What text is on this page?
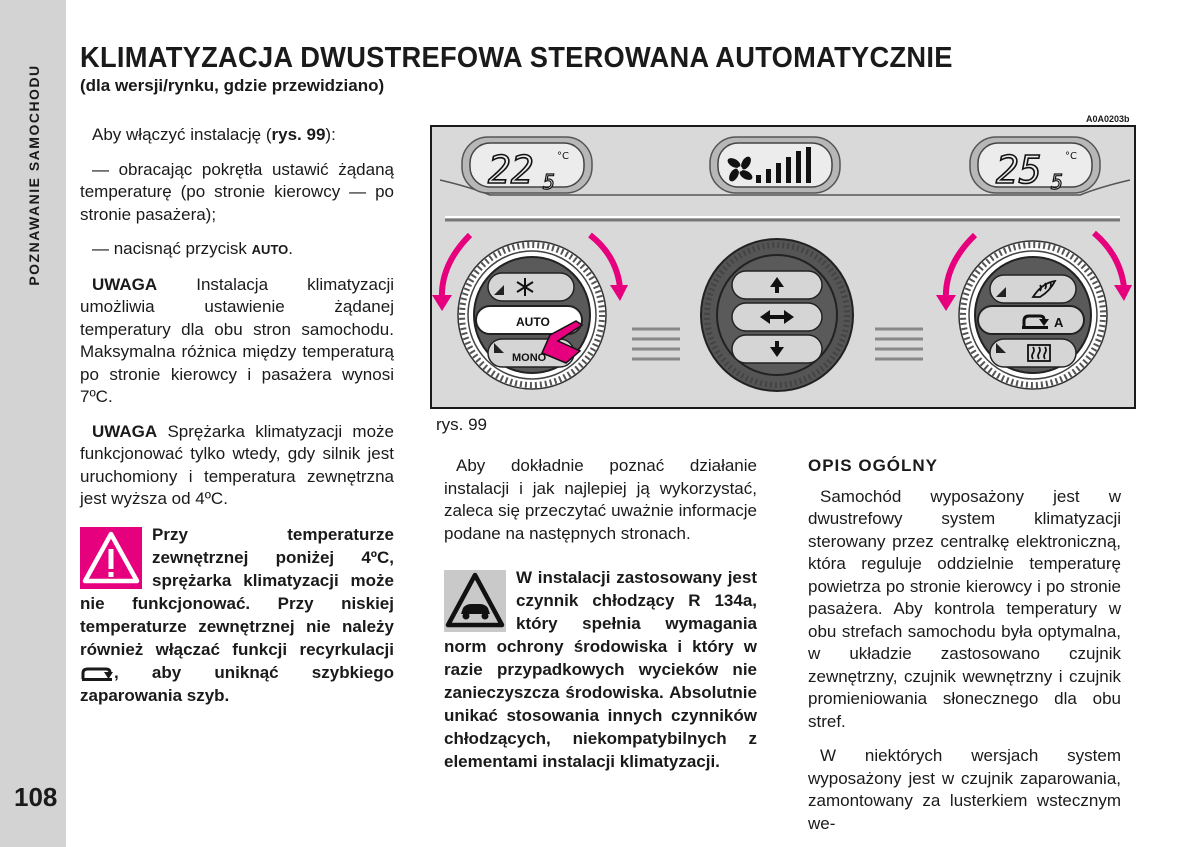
POZNAWANIE SAMOCHODU
108
KLIMATYZACJA DWUSTREFOWA STEROWANA AUTOMATYCZNIE
(dla wersji/rynku, gdzie przewidziano)

Aby włączyć instalację (rys. 99):

— obracając pokrętła ustawić żądaną temperaturę (po stronie kierowcy — po stronie pasażera);

— nacisnąć przycisk AUTO.

UWAGA Instalacja klimatyzacji umożliwia ustawienie żądanej temperatury dla obu stron samochodu. Maksymalna różnica między temperaturą po stronie kierowcy i pasażera wynosi 7ºC.

UWAGA Sprężarka klimatyzacji może funkcjonować tylko wtedy, gdy silnik jest uruchomiony i temperatura zewnętrzna jest wyższa od 4ºC.

Przy temperaturze zewnętrznej poniżej 4ºC, sprężarka klimatyzacji może nie funkcjonować. Przy niskiej temperaturze zewnętrznej nie należy również włączać funkcji recyrkulacji , aby uniknąć szybkiego zaparowania szyb.
A0A0203b
22 5
°C	25 5
°C
AUTO
MONO
A
rys. 99

Aby dokładnie poznać działanie instalacji i jak najlepiej ją wykorzystać, zaleca się przeczytać uważnie informacje podane na następnych stronach.

W instalacji zastosowany jest czynnik chłodzący R 134a, który spełnia wymagania norm ochrony środowiska i który w razie przypadkowych wycieków nie zanieczyszcza środowiska. Absolutnie unikać stosowania innych czynników chłodzących, niekompatybilnych z elementami instalacji klimatyzacji.

OPIS OGÓLNY

Samochód wyposażony jest w dwustrefowy system klimatyzacji sterowany przez centralkę elektroniczną, która reguluje oddzielnie temperaturę powietrza po stronie kierowcy i po stronie pasażera. Aby kontrola temperatury w obu strefach samochodu była optymalna, w układzie zastosowano czujnik zewnętrzny, czujnik wewnętrzny i czujnik promieniowania słonecznego dla obu stref.

W niektórych wersjach system wyposażony jest w czujnik zaparowania, zamontowany za lusterkiem wstecznym we-
